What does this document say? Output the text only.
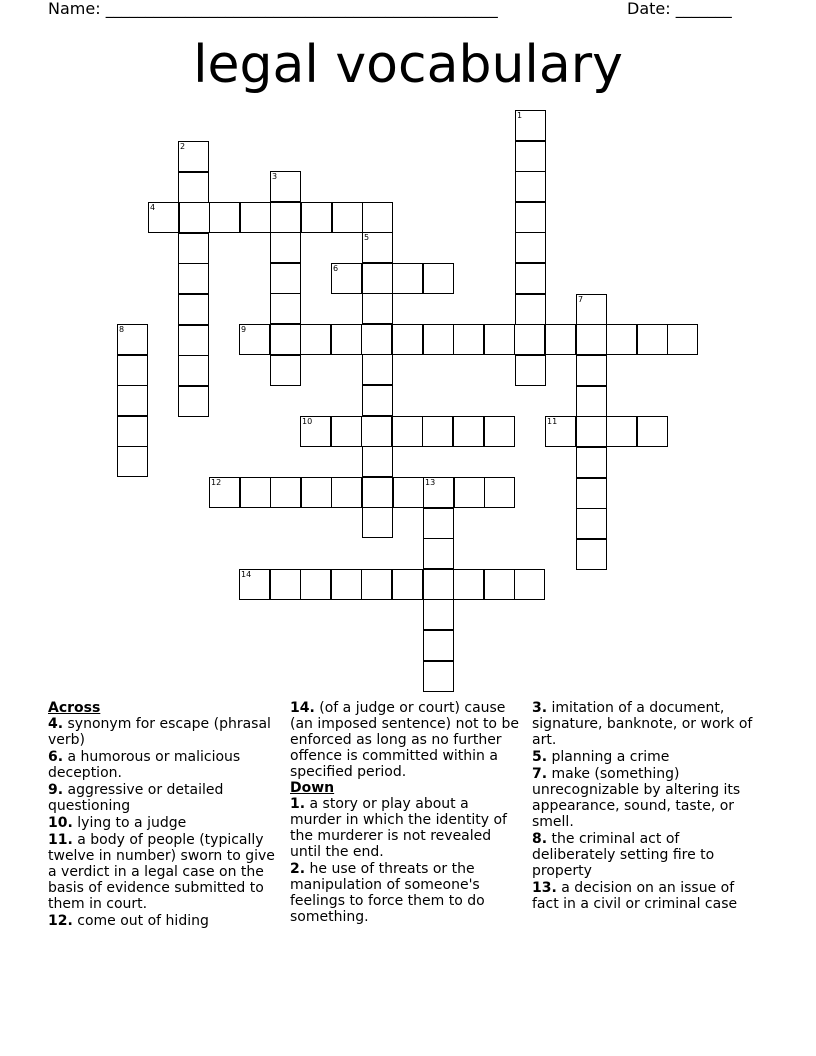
Name: _________________________________________________	Date: _______
legal vocabulary
1
2
3
4
5
6
7
8	9
10	11
12	13
14

Across

4. synonym for escape (phrasal verb)

6. a humorous or malicious deception.

9. aggressive or detailed questioning

10. lying to a judge

11. a body of people (typically twelve in number) sworn to give a verdict in a legal case on the basis of evidence submitted to them in court.

12. come out of hiding

14. (of a judge or court) cause (an imposed sentence) not to be enforced as long as no further offence is committed within a specified period.

Down

1. a story or play about a murder in which the identity of the murderer is not revealed until the end.

2. he use of threats or the manipulation of someone's feelings to force them to do something.

3. imitation of a document, signature, banknote, or work of art.

5. planning a crime

7. make (something) unrecognizable by altering its appearance, sound, taste, or smell.

8. the criminal act of deliberately setting fire to property

13. a decision on an issue of fact in a civil or criminal case
